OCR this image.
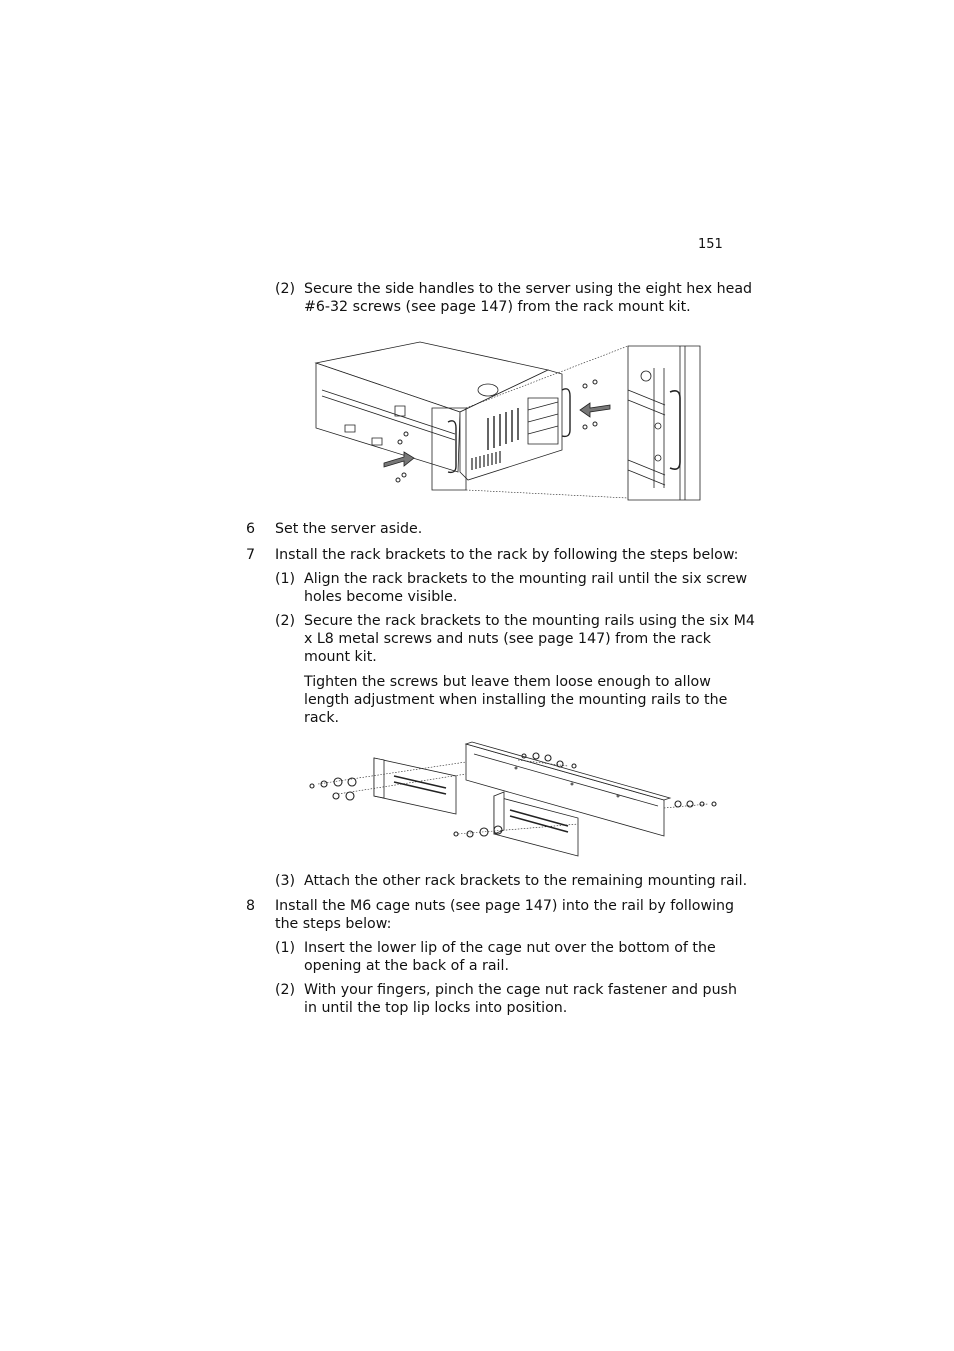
151
(2) Secure the side handles to the server using the eight hex head
#6-32 screws (see page 147) from the rack mount kit.
6 Set the server aside.
7 Install the rack brackets to the rack by following the steps below:
(1) Align the rack brackets to the mounting rail until the six screw
holes become visible.
(2) Secure the rack brackets to the mounting rails using the six M4
x L8 metal screws and nuts (see page 147) from the rack
mount kit.
Tighten the screws but leave them loose enough to allow
length adjustment when installing the mounting rails to the
rack.
(3) Attach the other rack brackets to the remaining mounting rail.
8 Install the M6 cage nuts (see page 147) into the rail by following
the steps below:
(1) Insert the lower lip of the cage nut over the bottom of the
opening at the back of a rail.
(2) With your fingers, pinch the cage nut rack fastener and push
in until the top lip locks into position.
